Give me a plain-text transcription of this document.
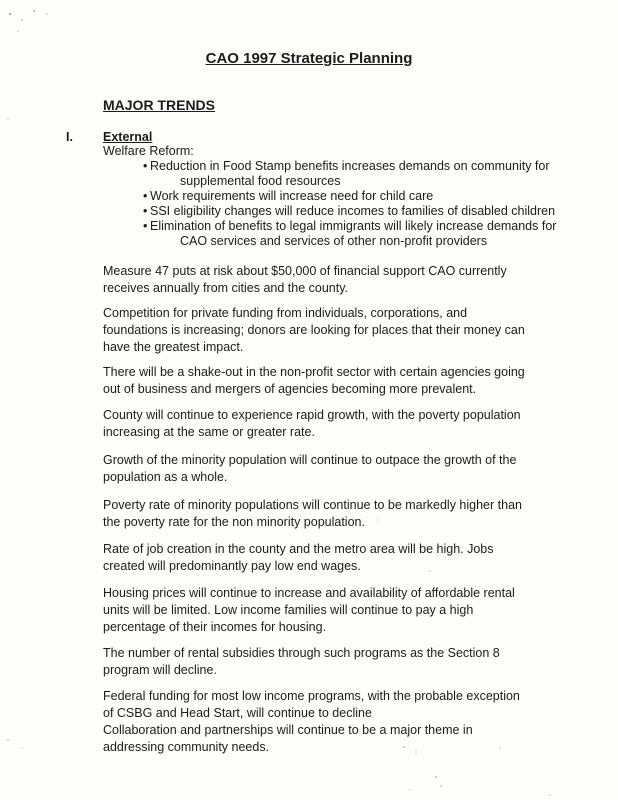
CAO 1997 Strategic Planning
MAJOR TRENDS
I. External
Welfare Reform:
• Reduction in Food Stamp benefits increases demands on community for
supplemental food resources
• Work requirements will increase need for child care
• SSI eligibility changes will reduce incomes to families of disabled children
• Elimination of benefits to legal immigrants will likely increase demands for
CAO services and services of other non-profit providers

Measure 47 puts at risk about $50,000 of financial support CAO currently receives annually from cities and the county.

Competition for private funding from individuals, corporations, and foundations is increasing; donors are looking for places that their money can have the greatest impact.

There will be a shake-out in the non-profit sector with certain agencies going out of business and mergers of agencies becoming more prevalent.

County will continue to experience rapid growth, with the poverty population increasing at the same or greater rate.

Growth of the minority population will continue to outpace the growth of the population as a whole.

Poverty rate of minority populations will continue to be markedly higher than the poverty rate for the non minority population.

Rate of job creation in the county and the metro area will be high. Jobs created will predominantly pay low end wages.

Housing prices will continue to increase and availability of affordable rental units will be limited. Low income families will continue to pay a high percentage of their incomes for housing.

The number of rental subsidies through such programs as the Section 8 program will decline.

Federal funding for most low income programs, with the probable exception of CSBG and Head Start, will continue to decline

Collaboration and partnerships will continue to be a major theme in addressing community needs.
